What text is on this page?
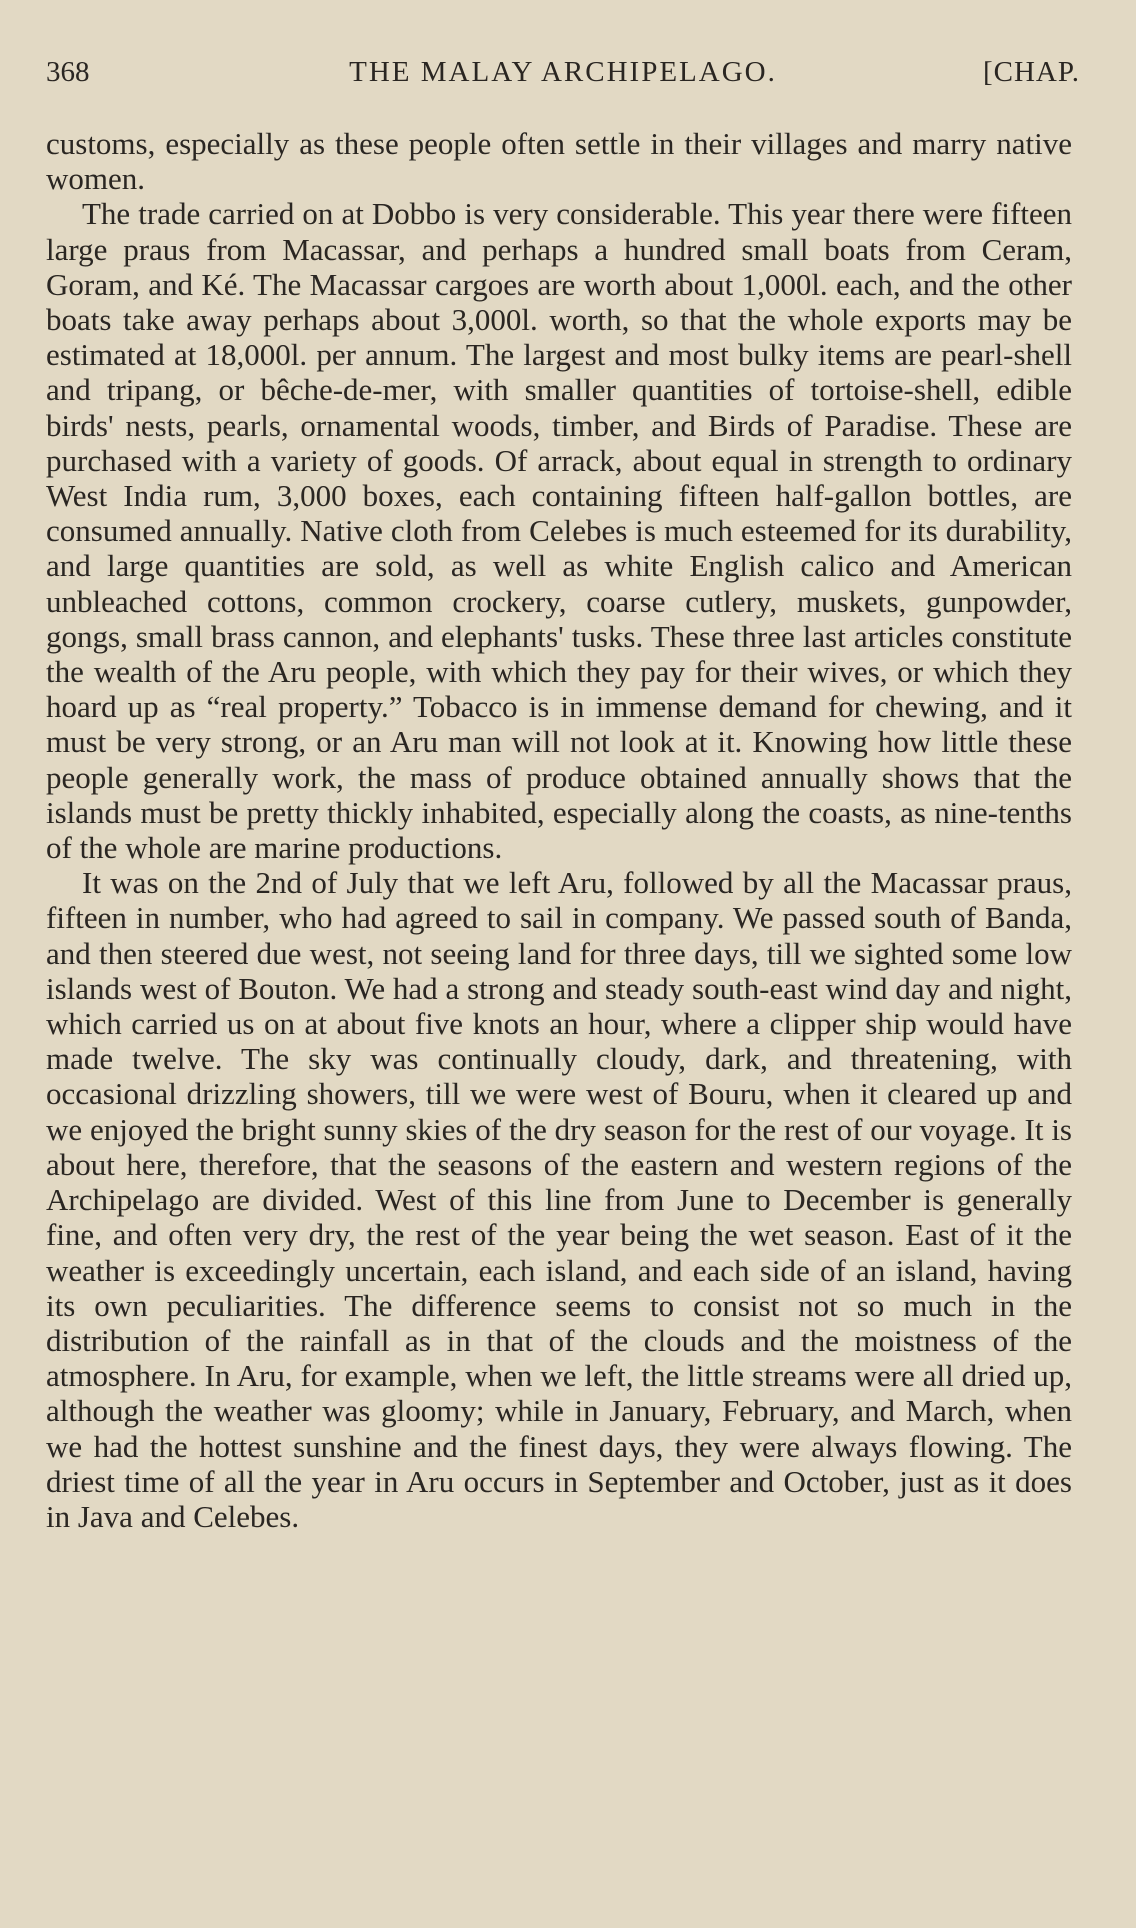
368	THE MALAY ARCHIPELAGO.	[CHAP.

customs, especially as these people often settle in their villages and marry native women.

The trade carried on at Dobbo is very considerable. This year there were fifteen large praus from Macassar, and perhaps a hundred small boats from Ceram, Goram, and Ké. The Macassar cargoes are worth about 1,000l. each, and the other boats take away perhaps about 3,000l. worth, so that the whole exports may be estimated at 18,000l. per annum. The largest and most bulky items are pearl-shell and tripang, or bêche-de-mer, with smaller quantities of tortoise-shell, edible birds' nests, pearls, ornamental woods, timber, and Birds of Paradise. These are purchased with a variety of goods. Of arrack, about equal in strength to ordinary West India rum, 3,000 boxes, each containing fifteen half-gallon bottles, are consumed annually. Native cloth from Celebes is much esteemed for its durability, and large quantities are sold, as well as white English calico and American unbleached cottons, common crockery, coarse cutlery, muskets, gunpowder, gongs, small brass cannon, and elephants' tusks. These three last articles constitute the wealth of the Aru people, with which they pay for their wives, or which they hoard up as “real property.” Tobacco is in immense demand for chewing, and it must be very strong, or an Aru man will not look at it. Knowing how little these people generally work, the mass of produce obtained annually shows that the islands must be pretty thickly inhabited, especially along the coasts, as nine-tenths of the whole are marine productions.

It was on the 2nd of July that we left Aru, followed by all the Macassar praus, fifteen in number, who had agreed to sail in company. We passed south of Banda, and then steered due west, not seeing land for three days, till we sighted some low islands west of Bouton. We had a strong and steady south-east wind day and night, which carried us on at about five knots an hour, where a clipper ship would have made twelve. The sky was continually cloudy, dark, and threatening, with occasional drizzling showers, till we were west of Bouru, when it cleared up and we enjoyed the bright sunny skies of the dry season for the rest of our voyage. It is about here, therefore, that the seasons of the eastern and western regions of the Archipelago are divided. West of this line from June to December is generally fine, and often very dry, the rest of the year being the wet season. East of it the weather is exceedingly uncertain, each island, and each side of an island, having its own peculiarities. The difference seems to consist not so much in the distribution of the rainfall as in that of the clouds and the moistness of the atmosphere. In Aru, for example, when we left, the little streams were all dried up, although the weather was gloomy; while in January, February, and March, when we had the hottest sunshine and the finest days, they were always flowing. The driest time of all the year in Aru occurs in September and October, just as it does in Java and Celebes.
